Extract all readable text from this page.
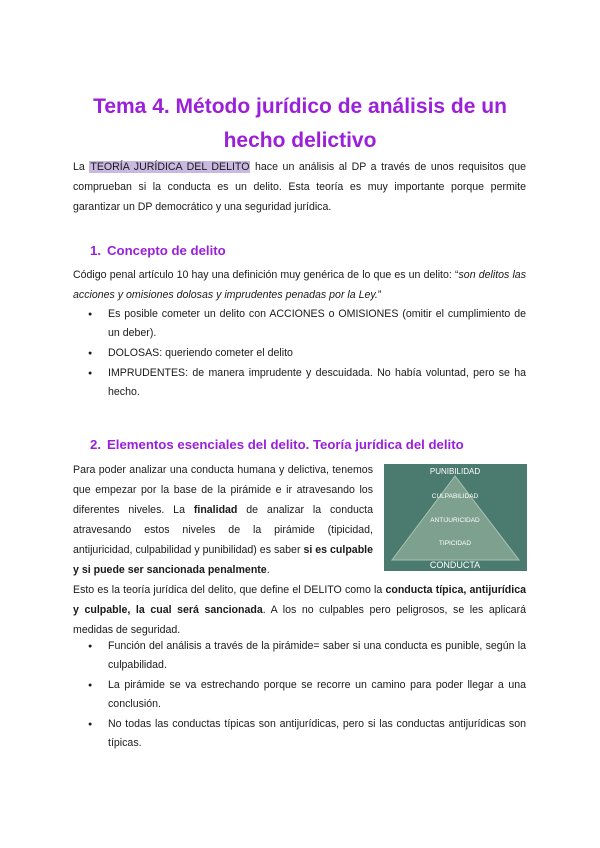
Tema 4. Método jurídico de análisis de un
hecho delictivo

La TEORÍA JURÍDICA DEL DELITO hace un análisis al DP a través de unos requisitos que comprueban si la conducta es un delito. Esta teoría es muy importante porque permite garantizar un DP democrático y una seguridad jurídica.

1. Concepto de delito

Código penal artículo 10 hay una definición muy genérica de lo que es un delito: “son delitos las acciones y omisiones dolosas y imprudentes penadas por la Ley.”

● Es posible cometer un delito con ACCIONES o OMISIONES (omitir el cumplimiento de un deber).
● DOLOSAS: queriendo cometer el delito
● IMPRUDENTES: de manera imprudente y descuidada. No había voluntad, pero se ha hecho.
2. Elementos esenciales del delito. Teoría jurídica del delito

Para poder analizar una conducta humana y delictiva, tenemos que empezar por la base de la pirámide e ir atravesando los diferentes niveles. La finalidad de analizar la conducta atravesando estos niveles de la pirámide (tipicidad, antijuricidad, culpabilidad y punibilidad) es saber si es culpable y si puede ser sancionada penalmente.

PUNIBILIDAD
CULPABILIDAD
ANTIJURICIDAD
TIPICIDAD
CONDUCTA

Esto es la teoría jurídica del delito, que define el DELITO como la conducta típica, antijurídica y culpable, la cual será sancionada. A los no culpables pero peligrosos, se les aplicará medidas de seguridad.

● Función del análisis a través de la pirámide= saber si una conducta es punible, según la culpabilidad.
● La pirámide se va estrechando porque se recorre un camino para poder llegar a una conclusión.
● No todas las conductas típicas son antijurídicas, pero si las conductas antijurídicas son típicas.
